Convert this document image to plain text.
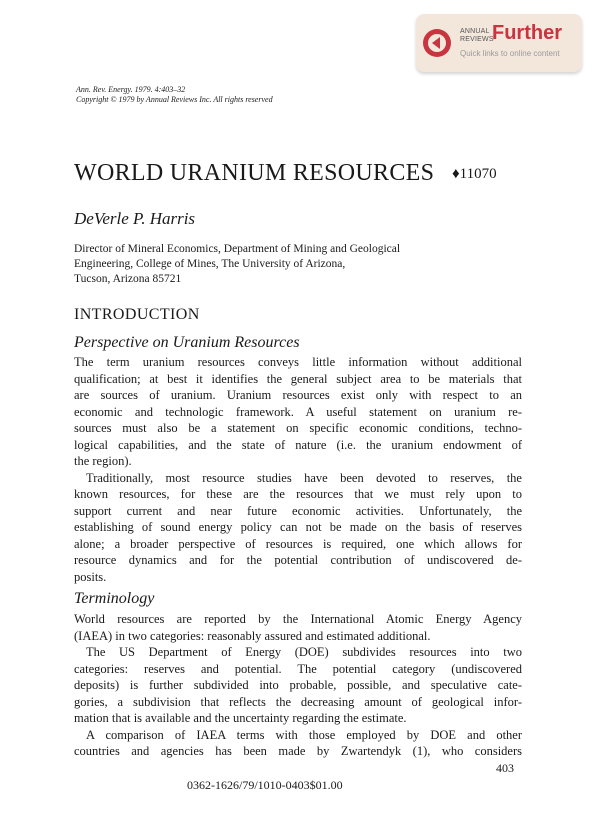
ANNUAL
REVIEWS
Further
Quick links to online content
Ann. Rev. Energy. 1979. 4:403–32
Copyright © 1979 by Annual Reviews Inc. All rights reserved
WORLD URANIUM RESOURCES ♦11070
DeVerle P. Harris
Director of Mineral Economics, Department of Mining and Geological
Engineering, College of Mines, The University of Arizona,
Tucson, Arizona 85721
INTRODUCTION
Perspective on Uranium Resources
The term uranium resources conveys little information without additional
qualification; at best it identifies the general subject area to be materials that
are sources of uranium. Uranium resources exist only with respect to an
economic and technologic framework. A useful statement on uranium re-
sources must also be a statement on specific economic conditions, techno-
logical capabilities, and the state of nature (i.e. the uranium endowment of
the region).
Traditionally, most resource studies have been devoted to reserves, the
known resources, for these are the resources that we must rely upon to
support current and near future economic activities. Unfortunately, the
establishing of sound energy policy can not be made on the basis of reserves
alone; a broader perspective of resources is required, one which allows for
resource dynamics and for the potential contribution of undiscovered de-
posits.
Terminology
World resources are reported by the International Atomic Energy Agency
(IAEA) in two categories: reasonably assured and estimated additional.
The US Department of Energy (DOE) subdivides resources into two
categories: reserves and potential. The potential category (undiscovered
deposits) is further subdivided into probable, possible, and speculative cate-
gories, a subdivision that reflects the decreasing amount of geological infor-
mation that is available and the uncertainty regarding the estimate.
A comparison of IAEA terms with those employed by DOE and other
countries and agencies has been made by Zwartendyk (1), who considers
403
0362-1626/79/1010-0403$01.00
